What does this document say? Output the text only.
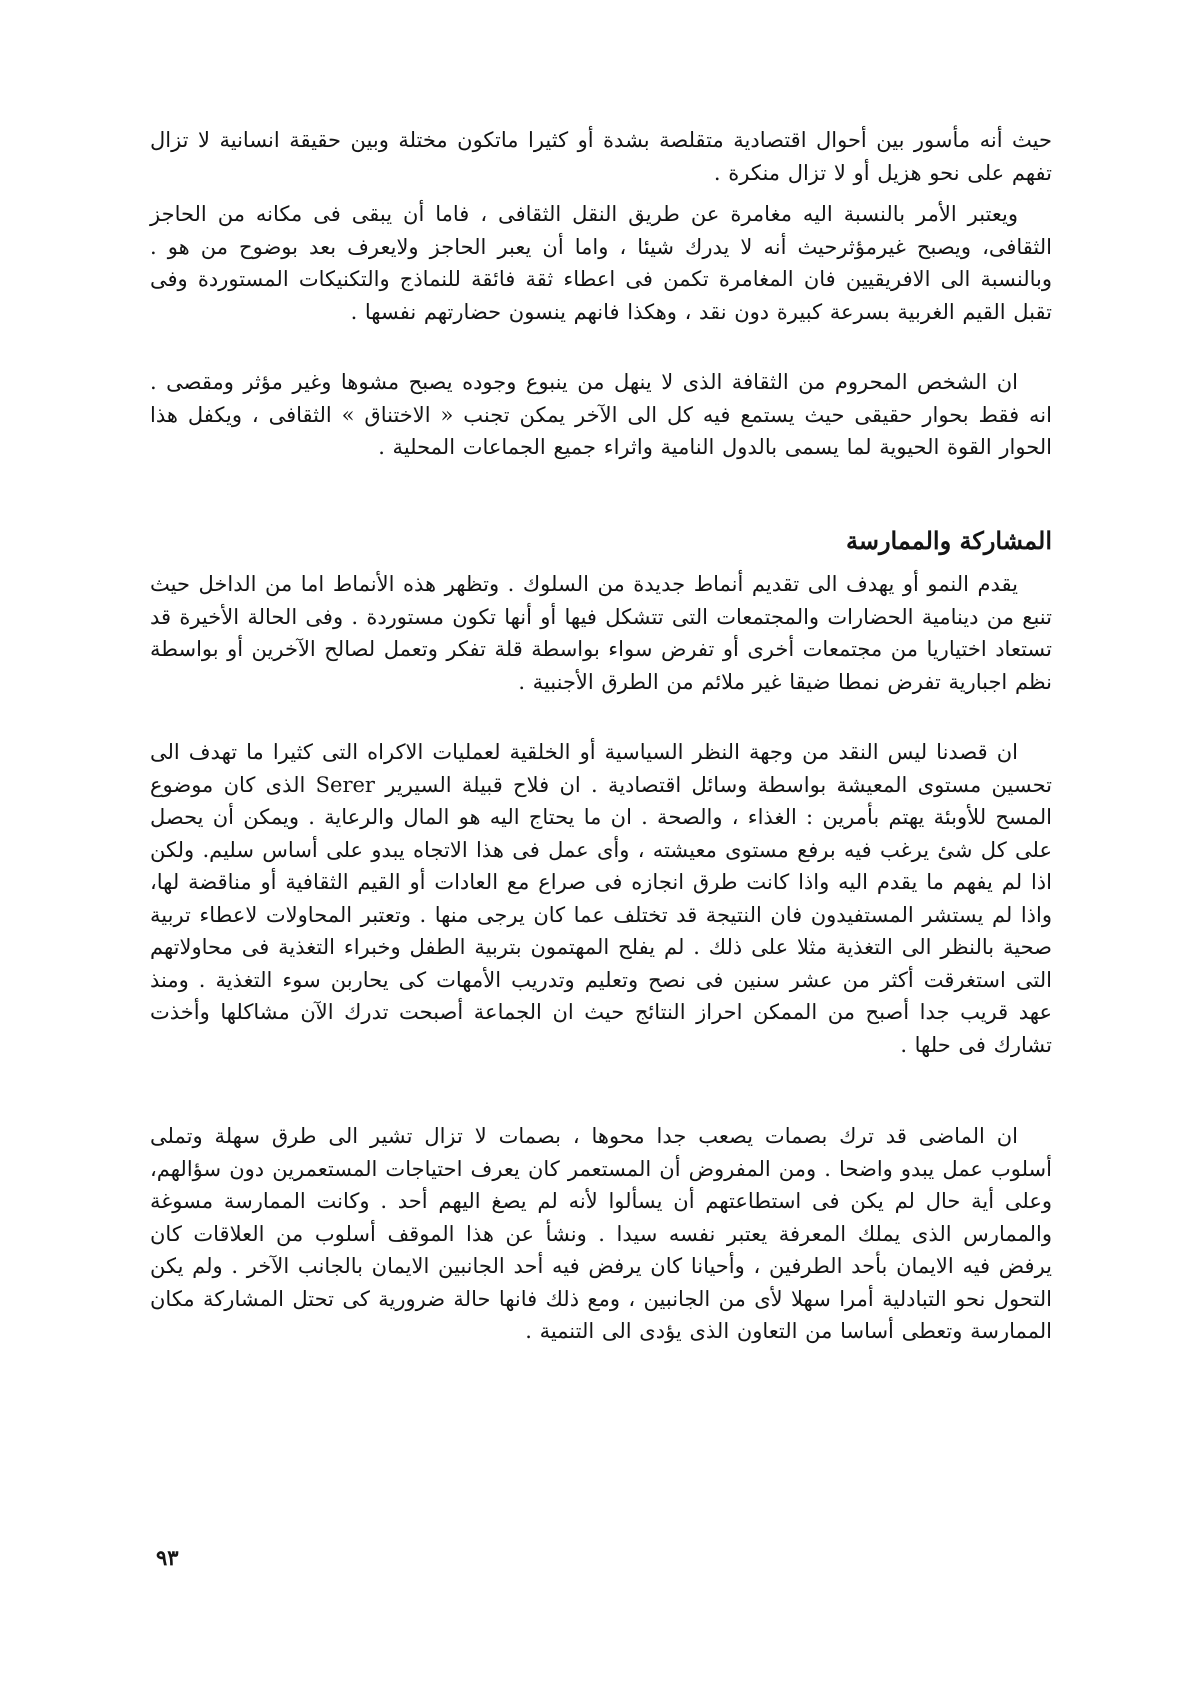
حيث أنه مأسور بين أحوال اقتصادية متقلصة بشدة أو كثيرا ماتكون مختلة وبين حقيقة انسانية لا تزال تفهم على نحو هزيل أو لا تزال منكرة .

ويعتبر الأمر بالنسبة اليه مغامرة عن طريق النقل الثقافى ، فاما أن يبقى فى مكانه من الحاجز الثقافى، ويصبح غيرمؤثرحيث أنه لا يدرك شيئا ، واما أن يعبر الحاجز ولايعرف بعد بوضوح من هو . وبالنسبة الى الافريقيين فان المغامرة تكمن فى اعطاء ثقة فائقة للنماذج والتكنيكات المستوردة وفى تقبل القيم الغربية بسرعة كبيرة دون نقد ، وهكذا فانهم ينسون حضارتهم نفسها .

ان الشخص المحروم من الثقافة الذى لا ينهل من ينبوع وجوده يصبح مشوها وغير مؤثر ومقصى . انه فقط بحوار حقيقى حيث يستمع فيه كل الى الآخر يمكن تجنب « الاختناق » الثقافى ، ويكفل هذا الحوار القوة الحيوية لما يسمى بالدول النامية واثراء جميع الجماعات المحلية .

المشاركة والممارسة

يقدم النمو أو يهدف الى تقديم أنماط جديدة من السلوك . وتظهر هذه الأنماط اما من الداخل حيث تنبع من دينامية الحضارات والمجتمعات التى تتشكل فيها أو أنها تكون مستوردة . وفى الحالة الأخيرة قد تستعاد اختياريا من مجتمعات أخرى أو تفرض سواء بواسطة قلة تفكر وتعمل لصالح الآخرين أو بواسطة نظم اجبارية تفرض نمطا ضيقا غير ملائم من الطرق الأجنبية .

ان قصدنا ليس النقد من وجهة النظر السياسية أو الخلقية لعمليات الاكراه التى كثيرا ما تهدف الى تحسين مستوى المعيشة بواسطة وسائل اقتصادية . ان فلاح قبيلة السيرير Serer الذى كان موضوع المسح للأوبئة يهتم بأمرين : الغذاء ، والصحة . ان ما يحتاج اليه هو المال والرعاية . ويمكن أن يحصل على كل شئ يرغب فيه برفع مستوى معيشته ، وأى عمل فى هذا الاتجاه يبدو على أساس سليم. ولكن اذا لم يفهم ما يقدم اليه واذا كانت طرق انجازه فى صراع مع العادات أو القيم الثقافية أو مناقضة لها، واذا لم يستشر المستفيدون فان النتيجة قد تختلف عما كان يرجى منها . وتعتبر المحاولات لاعطاء تربية صحية بالنظر الى التغذية مثلا على ذلك . لم يفلح المهتمون بتربية الطفل وخبراء التغذية فى محاولاتهم التى استغرقت أكثر من عشر سنين فى نصح وتعليم وتدريب الأمهات كى يحاربن سوء التغذية . ومنذ عهد قريب جدا أصبح من الممكن احراز النتائج حيث ان الجماعة أصبحت تدرك الآن مشاكلها وأخذت تشارك فى حلها .

ان الماضى قد ترك بصمات يصعب جدا محوها ، بصمات لا تزال تشير الى طرق سهلة وتملى أسلوب عمل يبدو واضحا . ومن المفروض أن المستعمر كان يعرف احتياجات المستعمرين دون سؤالهم، وعلى أية حال لم يكن فى استطاعتهم أن يسألوا لأنه لم يصغ اليهم أحد . وكانت الممارسة مسوغة والممارس الذى يملك المعرفة يعتبر نفسه سيدا . ونشأ عن هذا الموقف أسلوب من العلاقات كان يرفض فيه الايمان بأحد الطرفين ، وأحيانا كان يرفض فيه أحد الجانبين الايمان بالجانب الآخر . ولم يكن التحول نحو التبادلية أمرا سهلا لأى من الجانبين ، ومع ذلك فانها حالة ضرورية كى تحتل المشاركة مكان الممارسة وتعطى أساسا من التعاون الذى يؤدى الى التنمية .

٩٣
